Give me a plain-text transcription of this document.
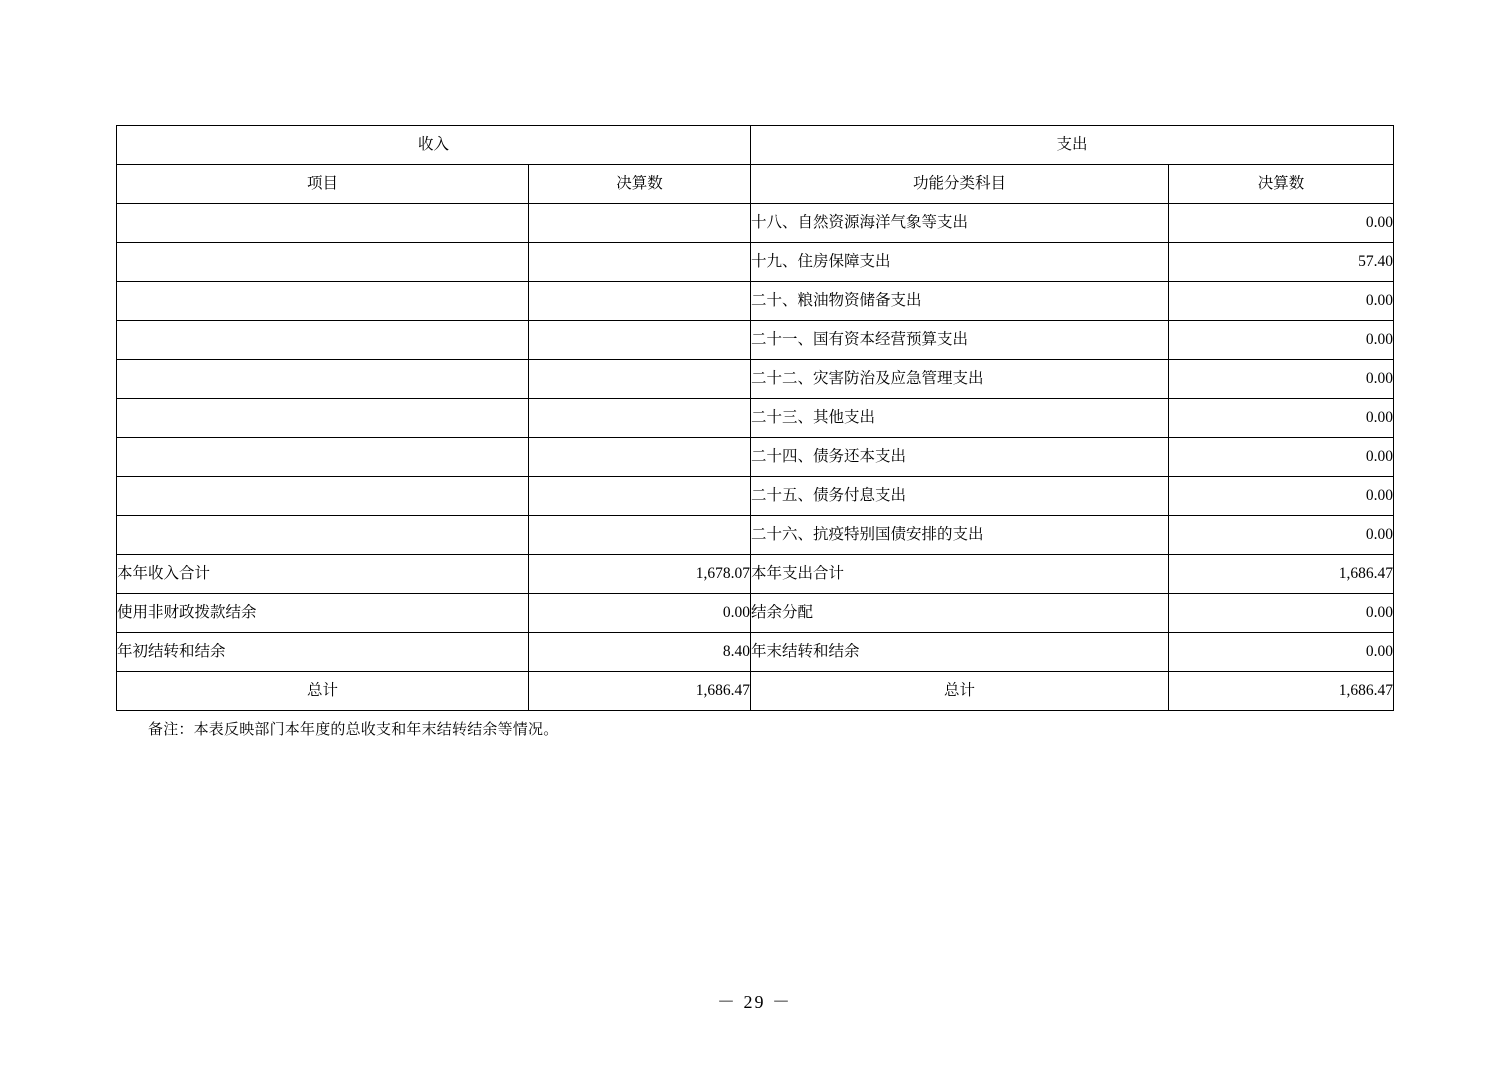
收入		支出	
项目	决算数	功能分类科目	决算数
		十八、自然资源海洋气象等支出	0.00
		十九、住房保障支出	57.40
		二十、粮油物资储备支出	0.00
		二十一、国有资本经营预算支出	0.00
		二十二、灾害防治及应急管理支出	0.00
		二十三、其他支出	0.00
		二十四、债务还本支出	0.00
		二十五、债务付息支出	0.00
		二十六、抗疫特别国债安排的支出	0.00
本年收入合计	1,678.07	本年支出合计	1,686.47
使用非财政拨款结余	0.00	结余分配	0.00
年初结转和结余	8.40	年末结转和结余	0.00
总计	1,686.47	总计	1,686.47
备注：本表反映部门本年度的总收支和年末结转结余等情况。
－ 29 －
